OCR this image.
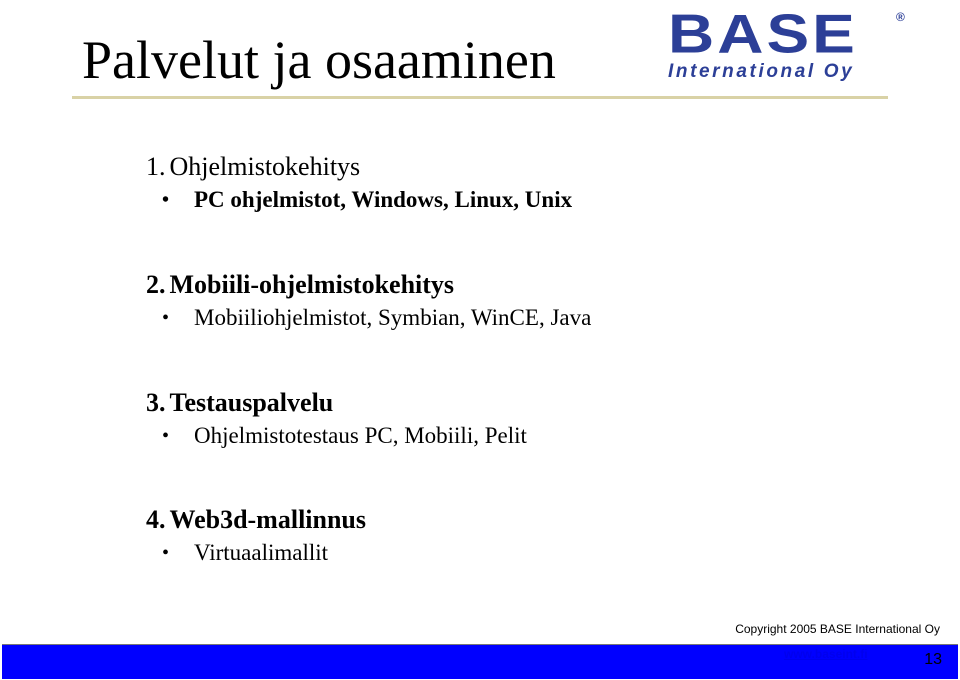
Palvelut ja osaaminen BASE	®
International Oy
1. Ohjelmistokehitys
• PC ohjelmistot, Windows, Linux, Unix
2. Mobiili-ohjelmistokehitys
• Mobiiliohjelmistot, Symbian, WinCE, Java
3. Testauspalvelu
• Ohjelmistotestaus PC, Mobiili, Pelit
4. Web3d-mallinnus
• Virtuaalimallit
Copyright 2005 BASE International Oy
www.baseint.fi	13
